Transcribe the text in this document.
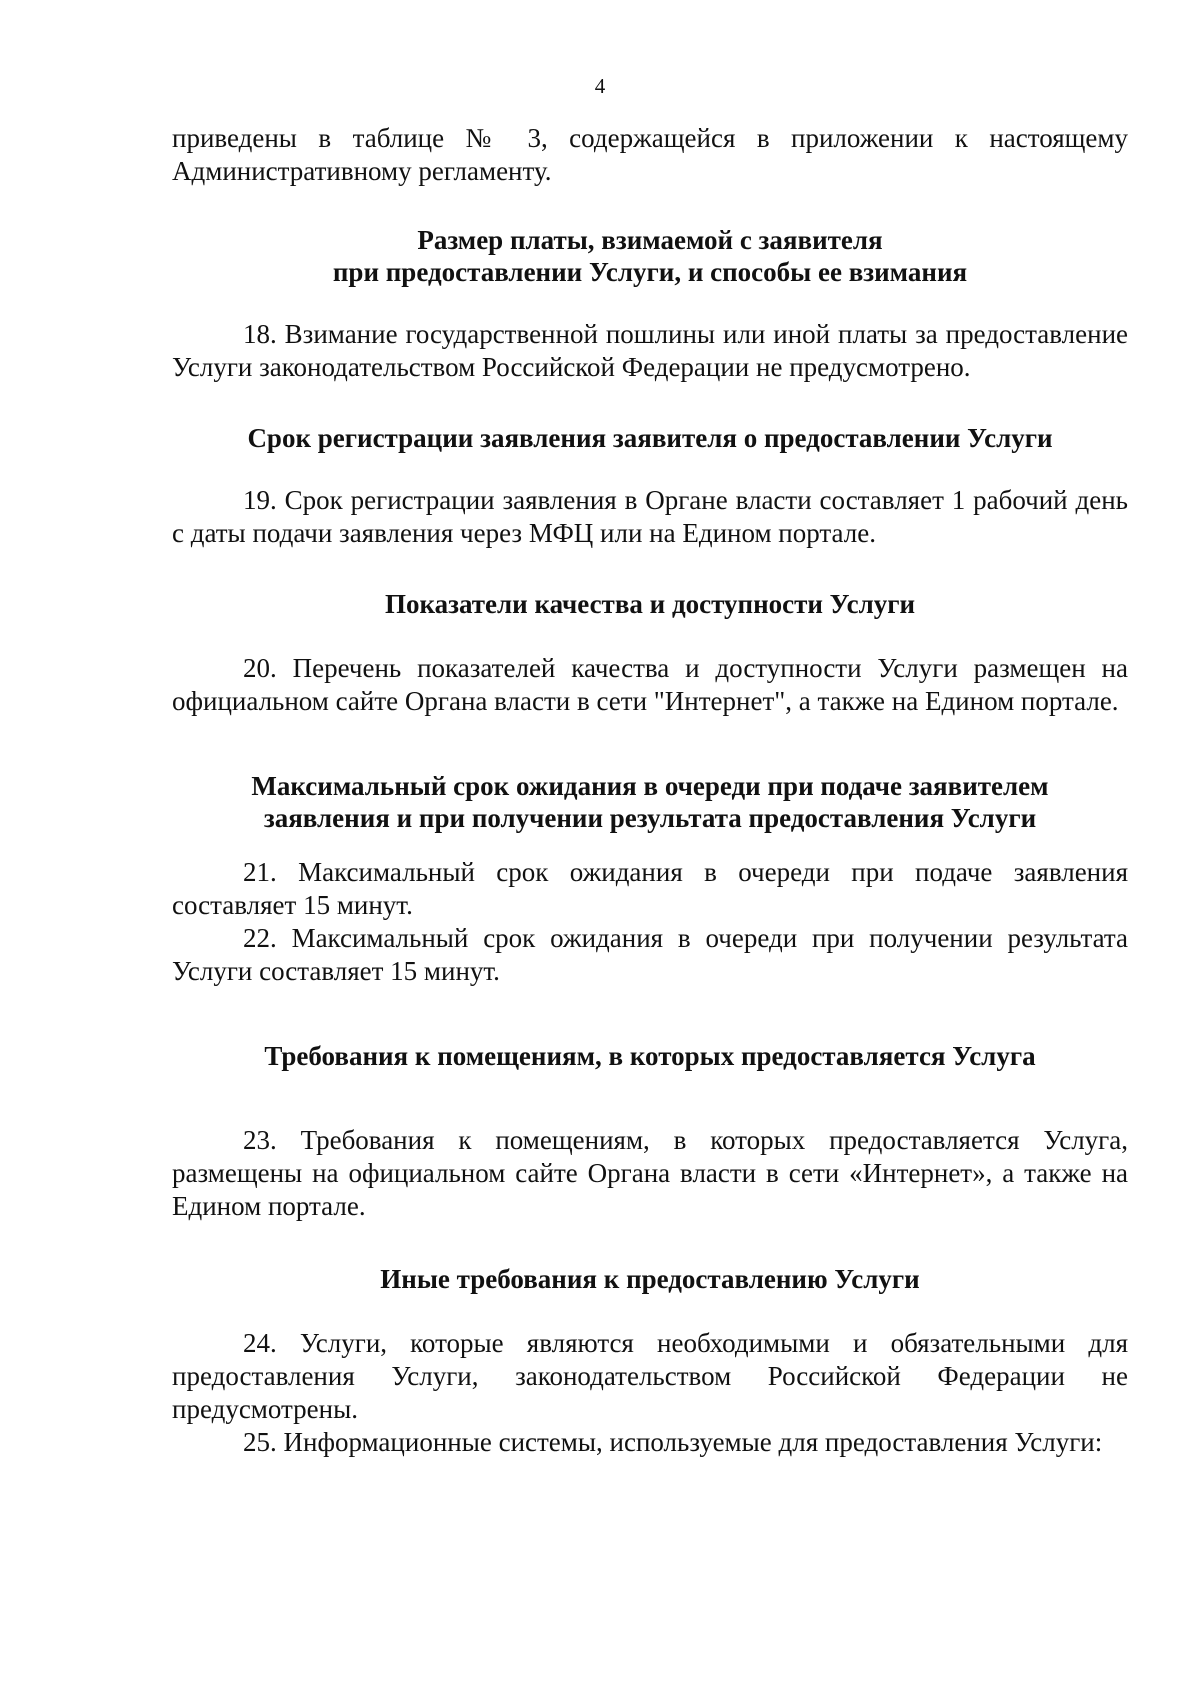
4

приведены в таблице № 3, содержащейся в приложении к настоящему Административному регламенту.

Размер платы, взимаемой с заявителя
при предоставлении Услуги, и способы ее взимания

18. Взимание государственной пошлины или иной платы за предоставление Услуги законодательством Российской Федерации не предусмотрено.

Срок регистрации заявления заявителя о предоставлении Услуги

19. Срок регистрации заявления в Органе власти составляет 1 рабочий день с даты подачи заявления через МФЦ или на Едином портале.

Показатели качества и доступности Услуги

20. Перечень показателей качества и доступности Услуги размещен на официальном сайте Органа власти в сети "Интернет", а также на Едином портале.

Максимальный срок ожидания в очереди при подаче заявителем
заявления и при получении результата предоставления Услуги

21. Максимальный срок ожидания в очереди при подаче заявления составляет 15 минут.

22. Максимальный срок ожидания в очереди при получении результата Услуги составляет 15 минут.

Требования к помещениям, в которых предоставляется Услуга

23. Требования к помещениям, в которых предоставляется Услуга, размещены на официальном сайте Органа власти в сети «Интернет», а также на Едином портале.

Иные требования к предоставлению Услуги

24. Услуги, которые являются необходимыми и обязательными для предоставления Услуги, законодательством Российской Федерации не предусмотрены.

25. Информационные системы, используемые для предоставления Услуги:
